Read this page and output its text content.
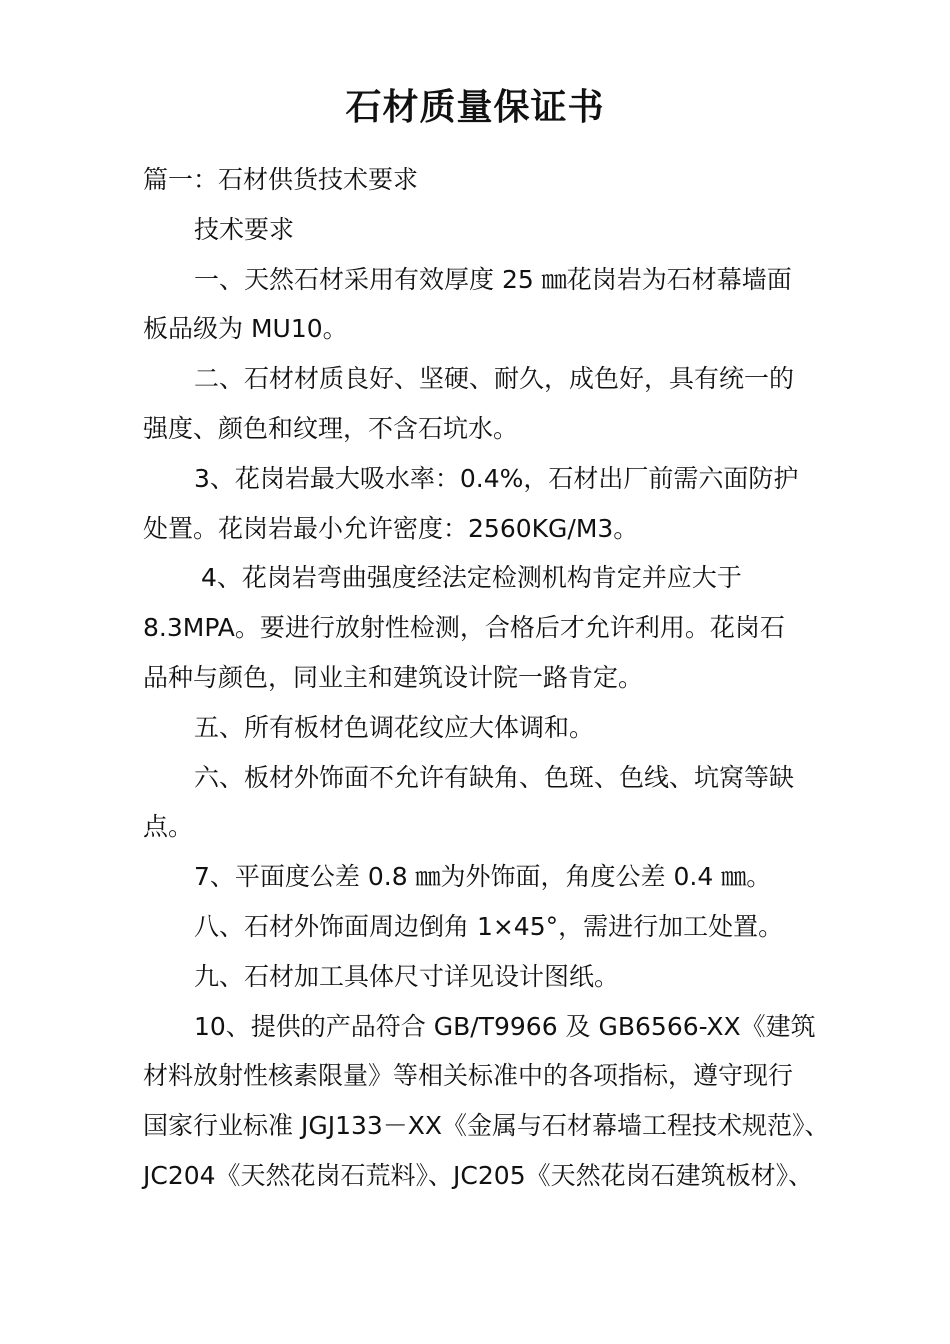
石材质量保证书
篇一：石材供货技术要求
技术要求
一、天然石材采用有效厚度 25 ㎜花岗岩为石材幕墙面
板品级为 MU10。
二、石材材质良好、坚硬、耐久，成色好，具有统一的
强度、颜色和纹理，不含石坑水。
3、花岗岩最大吸水率：0.4%，石材出厂前需六面防护
处置。花岗岩最小允许密度：2560KG/M3。
4、花岗岩弯曲强度经法定检测机构肯定并应大于
8.3MPA。要进行放射性检测，合格后才允许利用。花岗石
品种与颜色，同业主和建筑设计院一路肯定。
五、所有板材色调花纹应大体调和。
六、板材外饰面不允许有缺角、色斑、色线、坑窝等缺
点。
7、平面度公差 0.8 ㎜为外饰面，角度公差 0.4 ㎜。
八、石材外饰面周边倒角 1×45°，需进行加工处置。
九、石材加工具体尺寸详见设计图纸。
10、提供的产品符合 GB/T9966 及 GB6566-XX《建筑
材料放射性核素限量》等相关标准中的各项指标，遵守现行
国家行业标准 JGJ133－XX《金属与石材幕墙工程技术规范》、
JC204《天然花岗石荒料》、JC205《天然花岗石建筑板材》、
